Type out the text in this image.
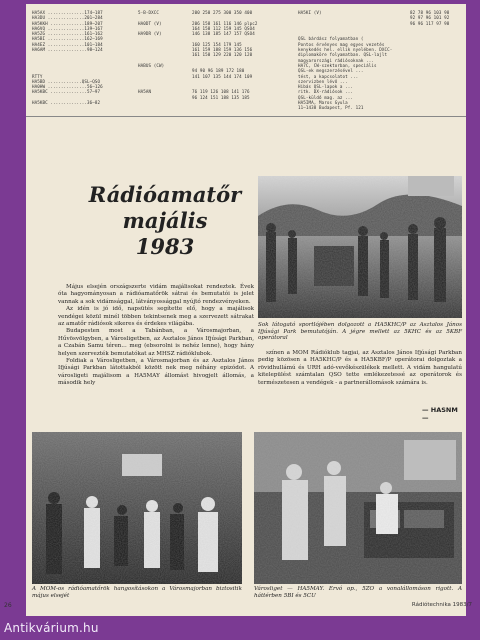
HA5AX ..............174—187
HA3DU ..............201—284
HA5KKH .............189—207
HA6VQ ..............139—167
HA5ZG ..............161—162
HA5BI ..............162—169
HA4EZ ..............101—184
HA6AM ...............98—124
RTTY
HA5BD .............QSL—QSO
HA0HW ...............56—126
HA5KBC ..............57—97
HA5KBC ..............36—82
5-B-DXCC
HA0DT (V)
HA9DR (V)
HABUS (CW)
HA5AN
200 250 275 300 350 400
206 158 161 116 146 plpc2
164 158 112 159 145 QSO4
146 138 185 147 157 QSO4
160 125 154 179 145
161 159 188 159 136 156
161 150 129 220 120 120
94 90 96 189 172 180
141 107 135 144 174 109
76 119 126 108 141 176
96 124 151 188 135 185
HA5KI (V)
QSL bárdász folyamatban (
Pontos érvényes mag egyes vezetés
kenykedés hel. ellik nyelében. DXCC-
diplomaköre folyamatban. QSL-lajlt
magyarországi rádiósoknak ...
HA7C, CW-szektorban, speciális
QSL-ek megszerzésével ...
tést, a kapcsolatot ...
szervizben lévő ...
Hibás QSL-lapok a ...
ritk. DX-rádiósok ...
QSL-küldő mag. az ...
HA5IMA, Maros Gyula
11—1438 Budapest, Pf. 121
82 78 96 103 98
92 97 96 101 92
96 96 117 97 98
Rádióamatőr
majális
1983
Sok látogató sportlójében dolgozott a HA5KHC/P az Asztalos János Ifjúsági Park bemutatóján. A jégre mellett az 5KHC és az 5KBF operátoral

Május elsején országszerte vidám majálisokat rendeztek. Évek óta hagyományosan a rádióamatőrök sátrai és bemutatói is jelet vannak a sok vidámsággal, látványossággal nyújtó rendezvényeken.

Az idén is jó idő, napsütés segítette elő, hogy a majálisok vendégei közül minél többen tekintsenek meg a szervezett sátrakat az amatőr rádiósok sikeres és érdekes világába.

Budapesten most a Tabánban, a Városmajorban, a Hűvösvölgyben, a Városligetben, az Asztalos János Ifjúsági Parkban, a Czabán Samu téren... meg (ebsorolni is nehéz lenne), hogy hány helyen szervezték bemutatókat az MHSZ rádióklubok.

Foldiak a Városligetben, a Városmajorban és az Asztalos János Ifjúsági Parkban látottakból között nek meg néhány epizódot. A városligeti majálisom a HA5MAY állomást hivogjelt állomás, a második hely

színen a MOM Rádióklub tagjai, az Asztalos János Ifjúsági Parkban pedig közösen a HA5KHC/P és a HA5KBF/P operátorai dolgoztak a rövidhullámú és URH adó-vevőkészülékek mellett. A vidám hangulatú kitelepülést számtalan QSO tette emlékezetessé az operátorok és természetesen a vendégek - a partnerállomások számára is.

— HASNM —
A MOM-os rádióamatőrök hangosításokon a Városmajorban biztositik május elsejét
Városliget — HA5MAY. Ervó op., 5ZO a vonalállomáson rigott. A háttérben 5BI és 5CU
26	Rádiótechnika 1983/7
Antikvárium.hu
